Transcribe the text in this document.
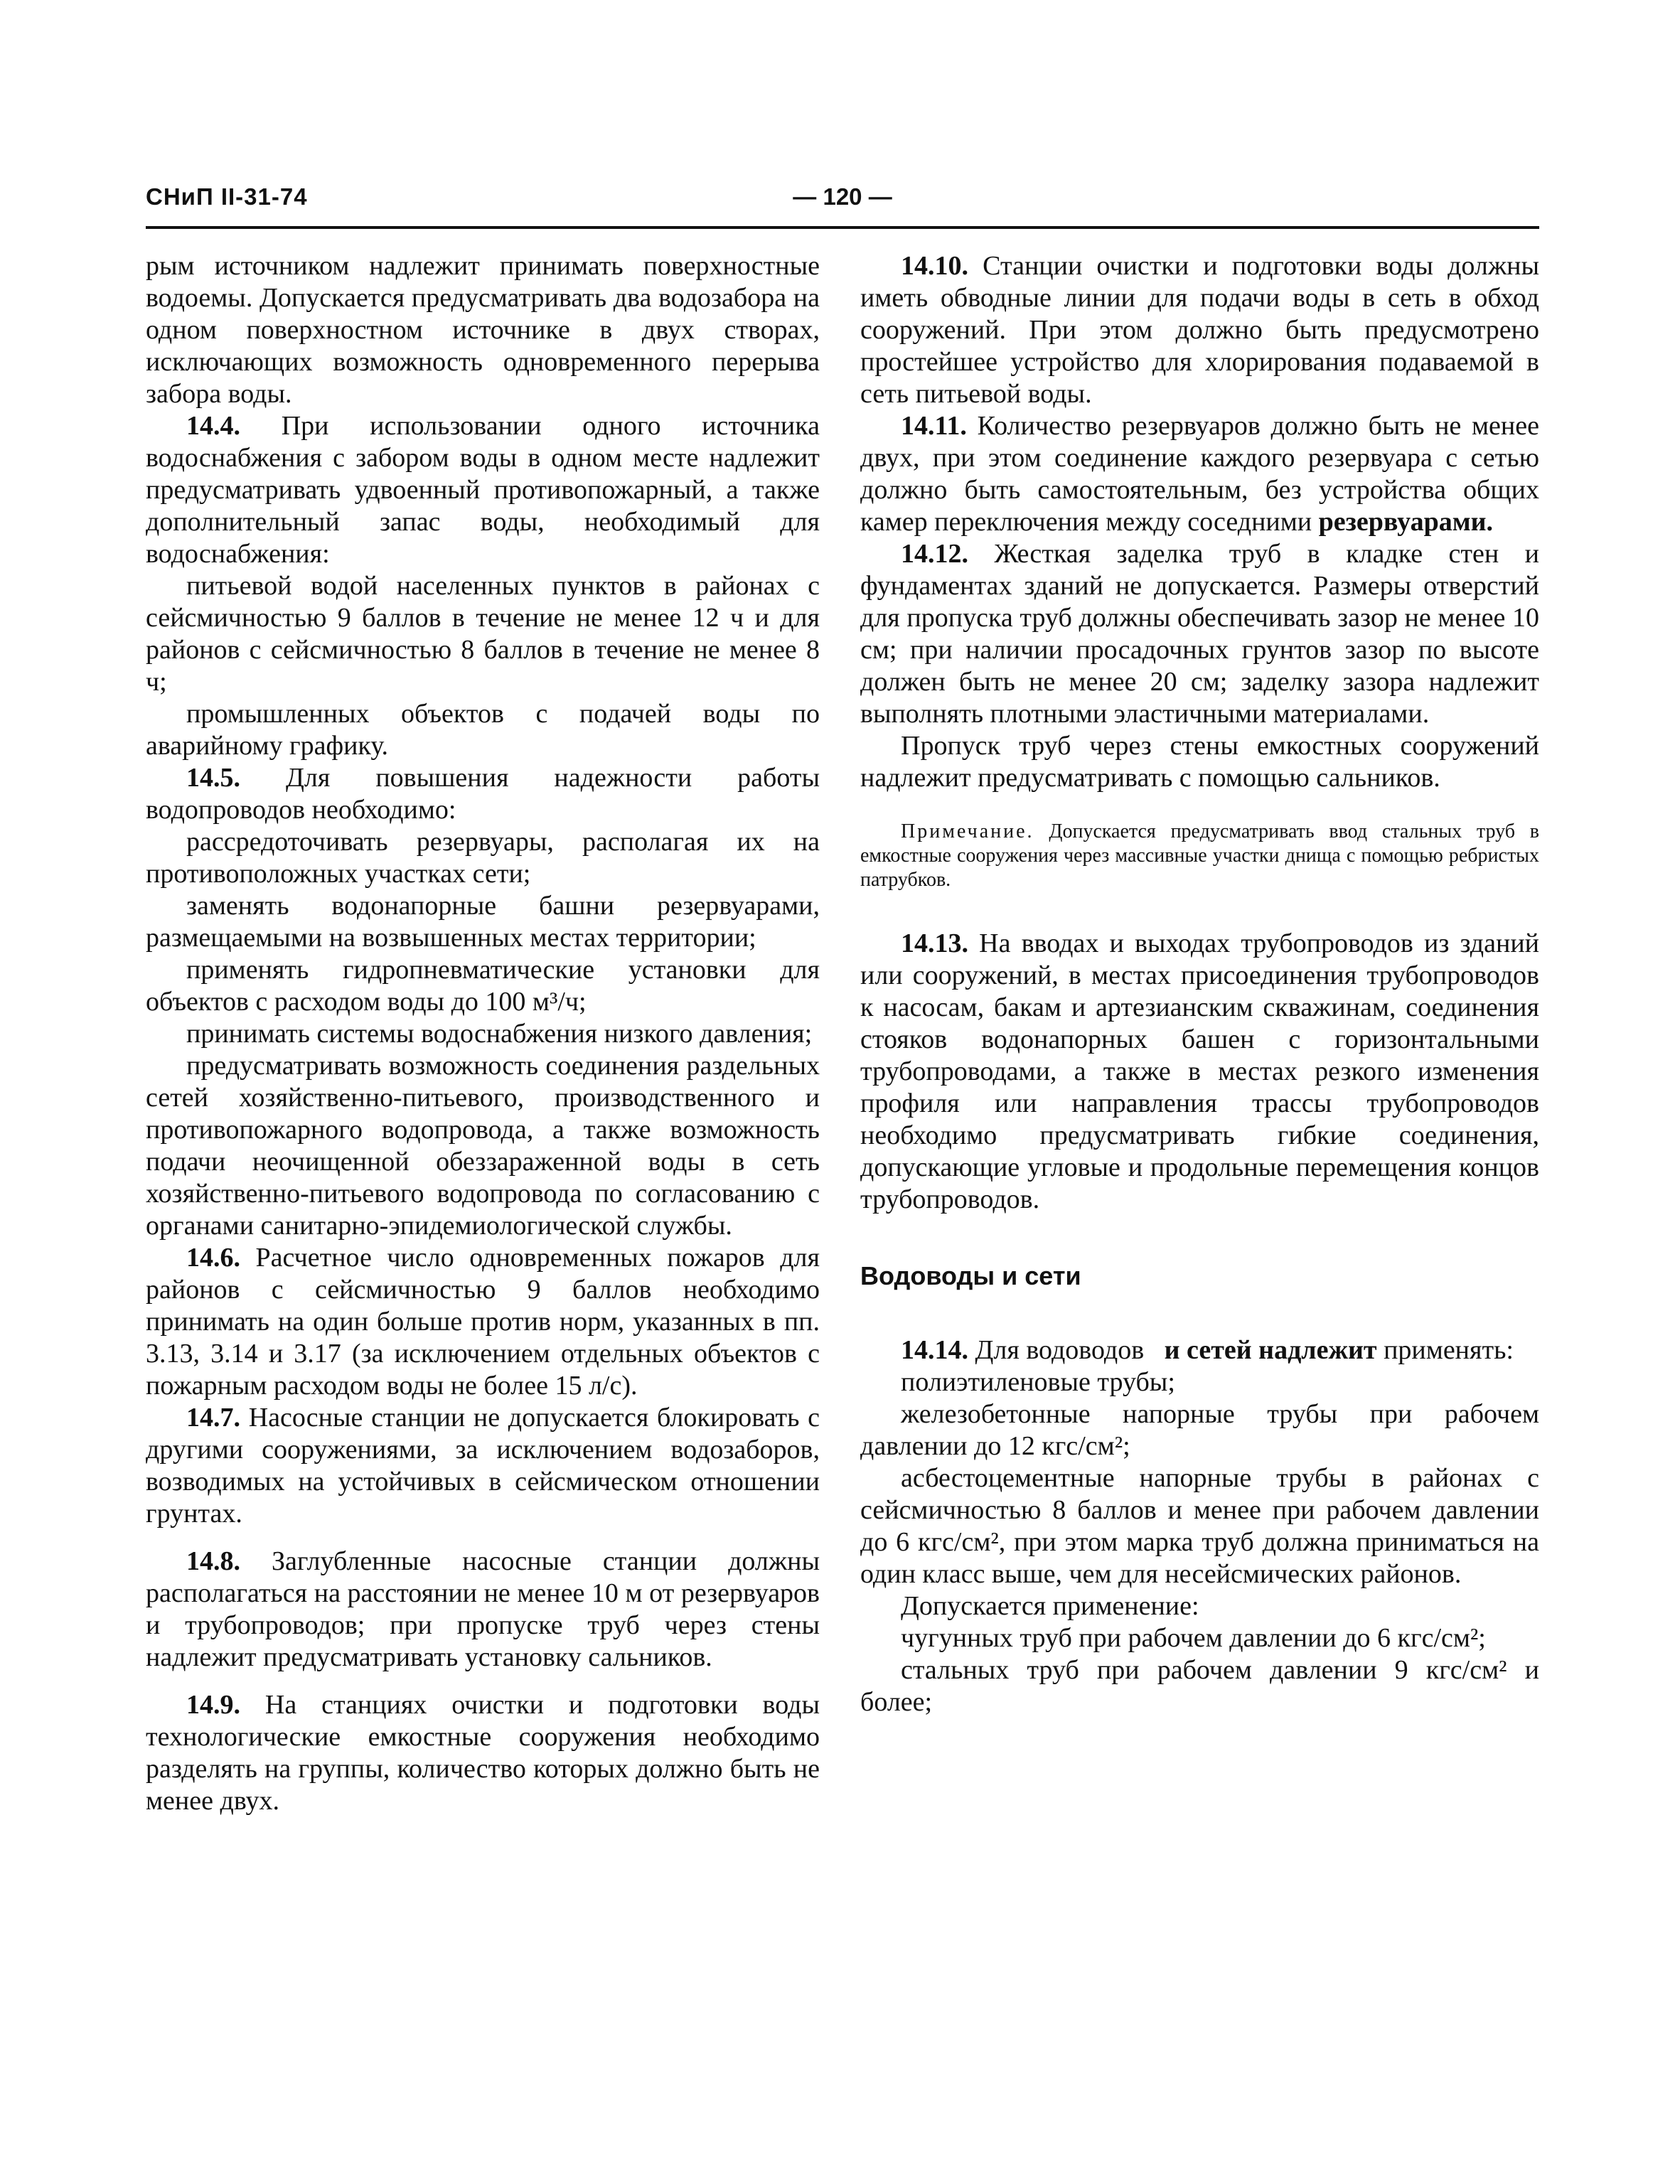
СНиП II-31-74	— 120 —

рым источником надлежит принимать поверхностные водоемы. Допускается предусматривать два водозабора на одном поверхностном источнике в двух створах, исключающих возможность одновременного перерыва забора воды.

14.4. При использовании одного источника водоснабжения с забором воды в одном месте надлежит предусматривать удвоенный противопожарный, а также дополнительный запас воды, необходимый для водоснабжения:

питьевой водой населенных пунктов в районах с сейсмичностью 9 баллов в течение не менее 12 ч и для районов с сейсмичностью 8 баллов в течение не менее 8 ч;

промышленных объектов с подачей воды по аварийному графику.

14.5. Для повышения надежности работы водопроводов необходимо:

рассредоточивать резервуары, располагая их на противоположных участках сети;

заменять водонапорные башни резервуарами, размещаемыми на возвышенных местах территории;

применять гидропневматические установки для объектов с расходом воды до 100 м³/ч;

принимать системы водоснабжения низкого давления;

предусматривать возможность соединения раздельных сетей хозяйственно-питьевого, производственного и противопожарного водопровода, а также возможность подачи неочищенной обеззараженной воды в сеть хозяйственно-питьевого водопровода по согласованию с органами санитарно-эпидемиологической службы.

14.6. Расчетное число одновременных пожаров для районов с сейсмичностью 9 баллов необходимо принимать на один больше против норм, указанных в пп. 3.13, 3.14 и 3.17 (за исключением отдельных объектов с пожарным расходом воды не более 15 л/с).

14.7. Насосные станции не допускается блокировать с другими сооружениями, за исключением водозаборов, возводимых на устойчивых в сейсмическом отношении грунтах.

14.8. Заглубленные насосные станции должны располагаться на расстоянии не менее 10 м от резервуаров и трубопроводов; при пропуске труб через стены надлежит предусматривать установку сальников.

14.9. На станциях очистки и подготовки воды технологические емкостные сооружения необходимо разделять на группы, количество которых должно быть не менее двух.

14.10. Станции очистки и подготовки воды должны иметь обводные линии для подачи воды в сеть в обход сооружений. При этом должно быть предусмотрено простейшее устройство для хлорирования подаваемой в сеть питьевой воды.

14.11. Количество резервуаров должно быть не менее двух, при этом соединение каждого резервуара с сетью должно быть самостоятельным, без устройства общих камер переключения между соседними резервуарами.

14.12. Жесткая заделка труб в кладке стен и фундаментах зданий не допускается. Размеры отверстий для пропуска труб должны обеспечивать зазор не менее 10 см; при наличии просадочных грунтов зазор по высоте должен быть не менее 20 см; заделку зазора надлежит выполнять плотными эластичными материалами.

Пропуск труб через стены емкостных сооружений надлежит предусматривать с помощью сальников.

Примечание. Допускается предусматривать ввод стальных труб в емкостные сооружения через массивные участки днища с помощью ребристых патрубков.

14.13. На вводах и выходах трубопроводов из зданий или сооружений, в местах присоединения трубопроводов к насосам, бакам и артезианским скважинам, соединения стояков водонапорных башен с горизонтальными трубопроводами, а также в местах резкого изменения профиля или направления трассы трубопроводов необходимо предусматривать гибкие соединения, допускающие угловые и продольные перемещения концов трубопроводов.

Водоводы и сети

14.14. Для водоводов и сетей надлежит применять:

полиэтиленовые трубы;

железобетонные напорные трубы при рабочем давлении до 12 кгс/см²;

асбестоцементные напорные трубы в районах с сейсмичностью 8 баллов и менее при рабочем давлении до 6 кгс/см², при этом марка труб должна приниматься на один класс выше, чем для несейсмических районов.

Допускается применение:

чугунных труб при рабочем давлении до 6 кгс/см²;

стальных труб при рабочем давлении 9 кгс/см² и более;
